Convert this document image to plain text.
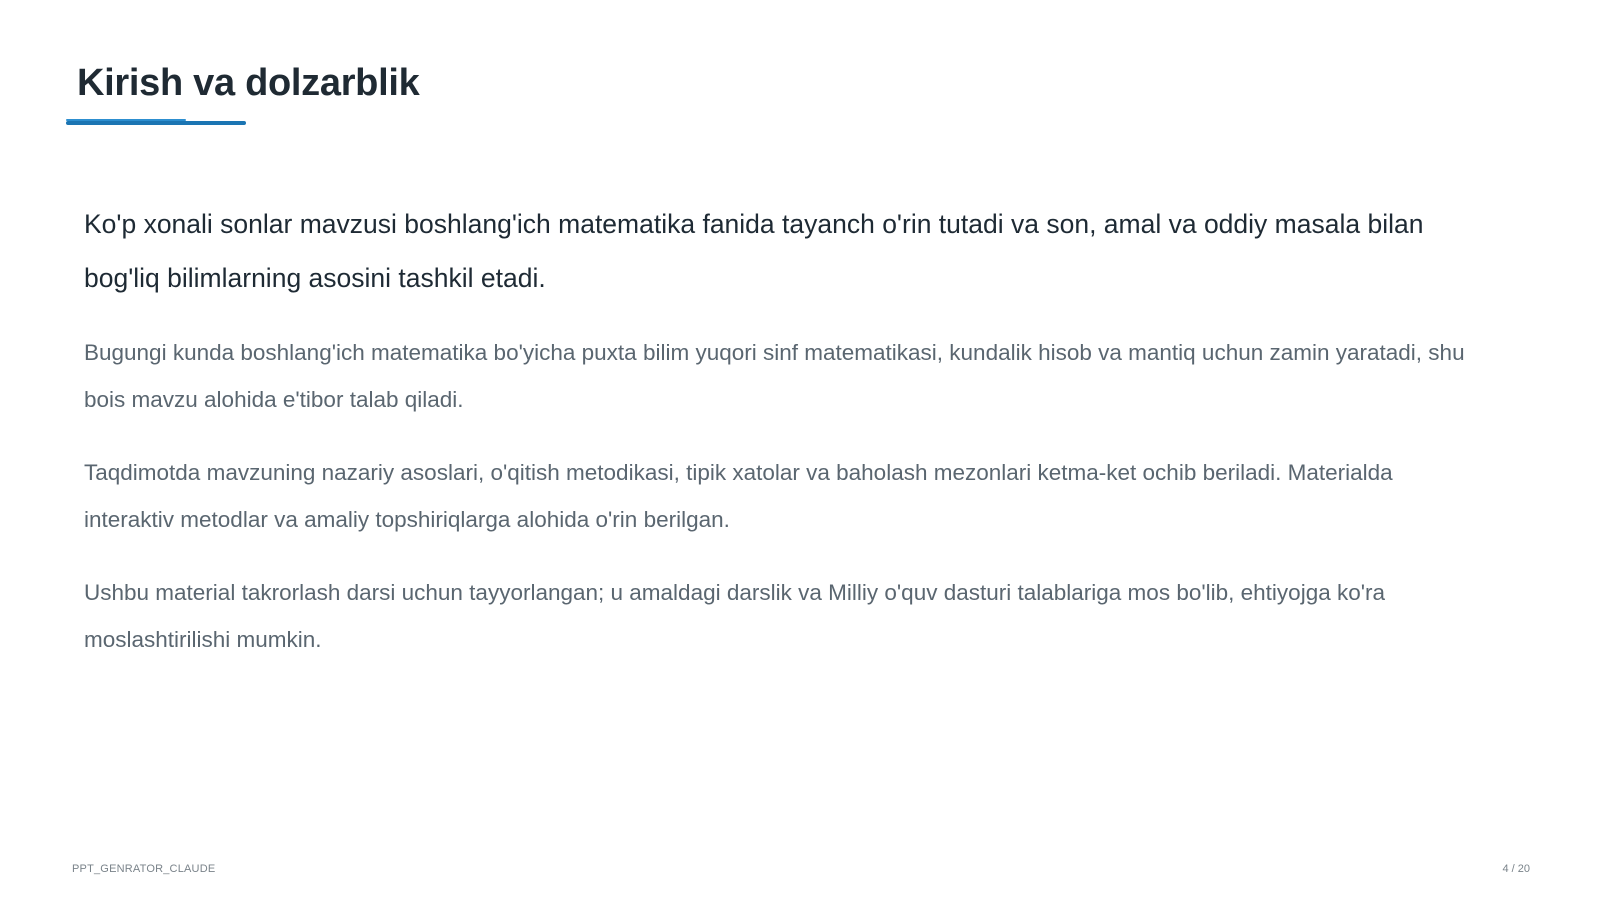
Kirish va dolzarblik

Ko'p xonali sonlar mavzusi boshlang'ich matematika fanida tayanch o'rin tutadi va son, amal va oddiy masala bilan bog'liq bilimlarning asosini tashkil etadi.

Bugungi kunda boshlang'ich matematika bo'yicha puxta bilim yuqori sinf matematikasi, kundalik hisob va mantiq uchun zamin yaratadi, shu bois mavzu alohida e'tibor talab qiladi.

Taqdimotda mavzuning nazariy asoslari, o'qitish metodikasi, tipik xatolar va baholash mezonlari ketma-ket ochib beriladi. Materialda interaktiv metodlar va amaliy topshiriqlarga alohida o'rin berilgan.

Ushbu material takrorlash darsi uchun tayyorlangan; u amaldagi darslik va Milliy o'quv dasturi talablariga mos bo'lib, ehtiyojga ko'ra moslashtirilishi mumkin.

PPT_GENRATOR_CLAUDE	4 / 20
